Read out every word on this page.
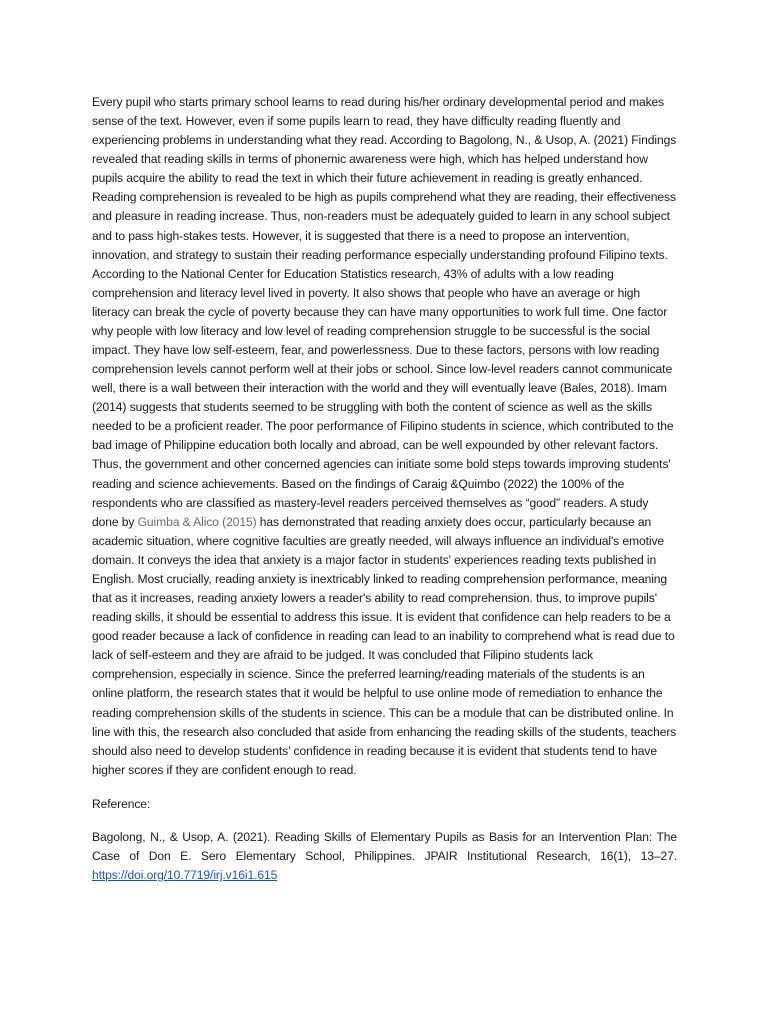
Every pupil who starts primary school learns to read during his/her ordinary developmental period and makes sense of the text. However, even if some pupils learn to read, they have difficulty reading fluently and experiencing problems in understanding what they read. According to Bagolong, N., & Usop, A. (2021) Findings revealed that reading skills in terms of phonemic awareness were high, which has helped understand how pupils acquire the ability to read the text in which their future achievement in reading is greatly enhanced. Reading comprehension is revealed to be high as pupils comprehend what they are reading, their effectiveness and pleasure in reading increase. Thus, non-readers must be adequately guided to learn in any school subject and to pass high-stakes tests. However, it is suggested that there is a need to propose an intervention, innovation, and strategy to sustain their reading performance especially understanding profound Filipino texts. According to the National Center for Education Statistics research, 43% of adults with a low reading comprehension and literacy level lived in poverty. It also shows that people who have an average or high literacy can break the cycle of poverty because they can have many opportunities to work full time. One factor why people with low literacy and low level of reading comprehension struggle to be successful is the social impact. They have low self-esteem, fear, and powerlessness. Due to these factors, persons with low reading comprehension levels cannot perform well at their jobs or school. Since low-level readers cannot communicate well, there is a wall between their interaction with the world and they will eventually leave (Bales, 2018). Imam (2014) suggests that students seemed to be struggling with both the content of science as well as the skills needed to be a proficient reader. The poor performance of Filipino students in science, which contributed to the bad image of Philippine education both locally and abroad, can be well expounded by other relevant factors. Thus, the government and other concerned agencies can initiate some bold steps towards improving students' reading and science achievements. Based on the findings of Caraig &Quimbo (2022) the 100% of the respondents who are classified as mastery-level readers perceived themselves as “good” readers. A study done by Guimba & Alico (2015) has demonstrated that reading anxiety does occur, particularly because an academic situation, where cognitive faculties are greatly needed, will always influence an individual's emotive domain. It conveys the idea that anxiety is a major factor in students' experiences reading texts published in English. Most crucially, reading anxiety is inextricably linked to reading comprehension performance, meaning that as it increases, reading anxiety lowers a reader's ability to read comprehension. thus, to improve pupils' reading skills, it should be essential to address this issue. It is evident that confidence can help readers to be a good reader because a lack of confidence in reading can lead to an inability to comprehend what is read due to lack of self-esteem and they are afraid to be judged. It was concluded that Filipino students lack comprehension, especially in science. Since the preferred learning/reading materials of the students is an online platform, the research states that it would be helpful to use online mode of remediation to enhance the reading comprehension skills of the students in science. This can be a module that can be distributed online. In line with this, the research also concluded that aside from enhancing the reading skills of the students, teachers should also need to develop students’ confidence in reading because it is evident that students tend to have higher scores if they are confident enough to read.

Reference:

Bagolong, N., & Usop, A. (2021). Reading Skills of Elementary Pupils as Basis for an Intervention Plan: The Case of Don E. Sero Elementary School, Philippines. JPAIR Institutional Research, 16(1), 13–27. https://doi.org/10.7719/irj.v16i1.615
